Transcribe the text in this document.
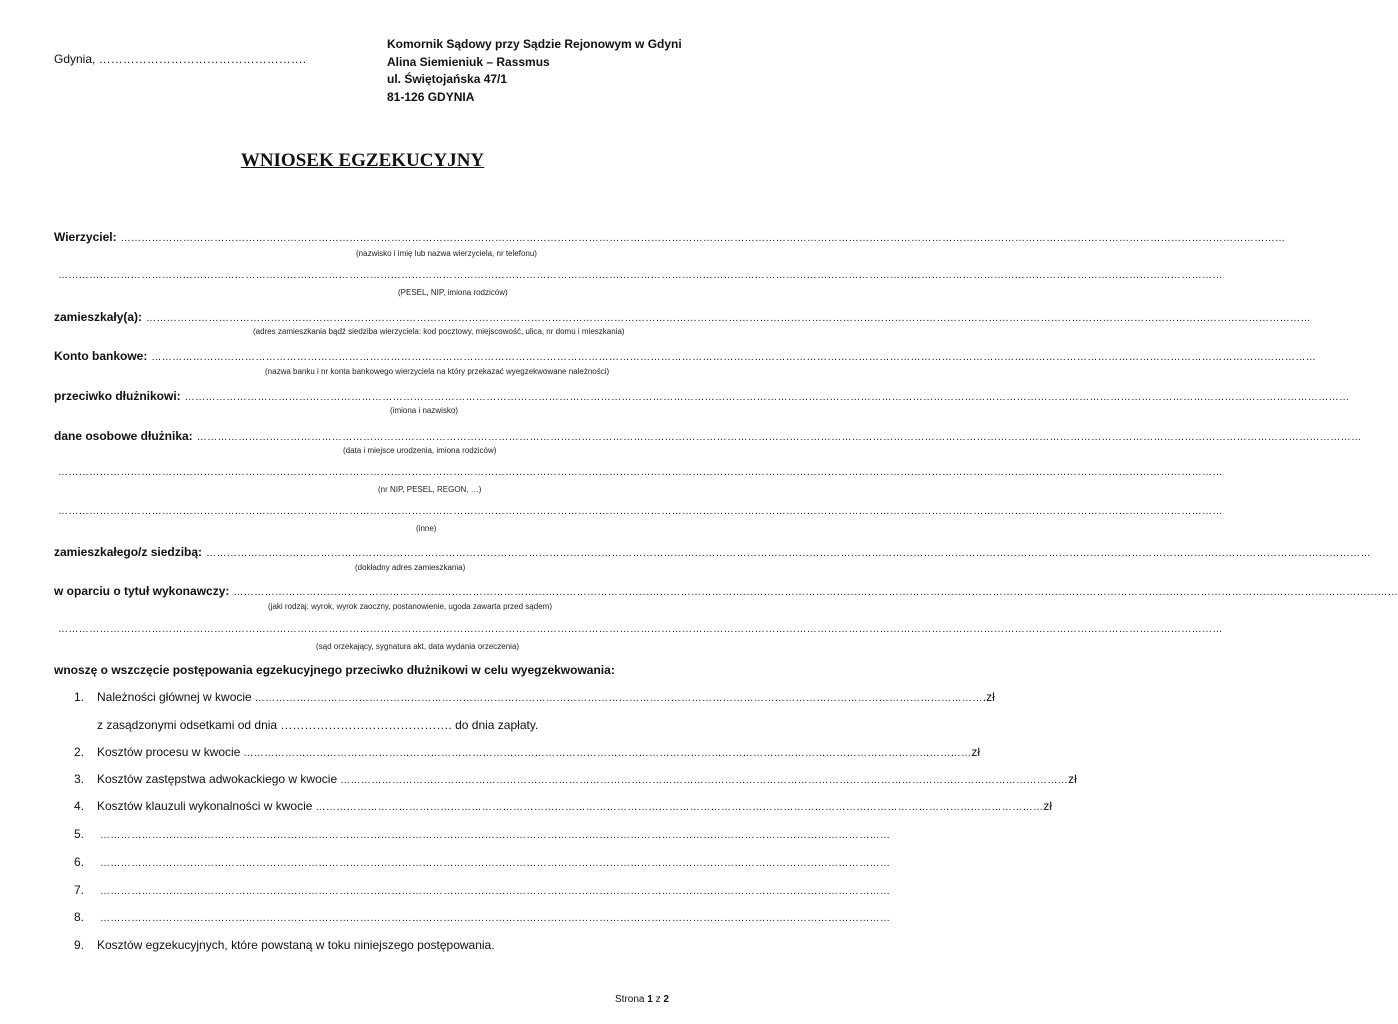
Gdynia, …………………………………………….
Komornik Sądowy przy Sądzie Rejonowym w Gdyni
Alina Siemieniuk – Rassmus
ul. Świętojańska 47/1
81-126 GDYNIA
WNIOSEK EGZEKUCYJNY
Wierzyciel: …………………………………………………………………………………………………………………………………………………………………………………………………………………………………………………………………………………………………………
(nazwisko i imię lub nazwa wierzyciela, nr telefonu)
…………………………………………………………………………………………………………………………………………………………………………………………………………………………………………………………………………………………………………
(PESEL, NIP, imiona rodziców)
zamieszkały(a): …………………………………………………………………………………………………………………………………………………………………………………………………………………………………………………………………………………………………………
(adres zamieszkania bądź siedziba wierzyciela: kod pocztowy, miejscowość, ulica, nr domu i mieszkania)
Konto bankowe: …………………………………………………………………………………………………………………………………………………………………………………………………………………………………………………………………………………………………………
(nazwa banku i nr konta bankowego wierzyciela na który przekazać wyegzekwowane należności)
przeciwko dłużnikowi: …………………………………………………………………………………………………………………………………………………………………………………………………………………………………………………………………………………………………………
(imiona i nazwisko)
dane osobowe dłużnika: …………………………………………………………………………………………………………………………………………………………………………………………………………………………………………………………………………………………………………
(data i miejsce urodzenia, imiona rodziców)
…………………………………………………………………………………………………………………………………………………………………………………………………………………………………………………………………………………………………………
(nr NIP, PESEL, REGON, …)
…………………………………………………………………………………………………………………………………………………………………………………………………………………………………………………………………………………………………………
(inne)
zamieszkałego/z siedzibą: …………………………………………………………………………………………………………………………………………………………………………………………………………………………………………………………………………………………………………
(dokładny adres zamieszkania)
w oparciu o tytuł wykonawczy: …………………………………………………………………………………………………………………………………………………………………………………………………………………………………………………………………………………………………………
(jaki rodzaj: wyrok, wyrok zaoczny, postanowienie, ugoda zawarta przed sądem)
…………………………………………………………………………………………………………………………………………………………………………………………………………………………………………………………………………………………………………
(sąd orzekający, sygnatura akt, data wydania orzeczenia)
wnoszę o wszczęcie postępowania egzekucyjnego przeciwko dłużnikowi w celu wyegzekwowania:
1.	Należności głównej w kwocie ………………………………………………………………………………………………………………………………………………………………………………………… .zł
z zasądzonymi odsetkami od dnia ……………………………………. do dnia zapłaty.
2.	Kosztów procesu w kwocie ………………………………………………………………………………………………………………………………………………………………………………………… zł
3.	Kosztów zastępstwa adwokackiego w kwocie ………………………………………………………………………………………………………………………………………………………………………………………… zł
4.	Kosztów klauzuli wykonalności w kwocie ………………………………………………………………………………………………………………………………………………………………………………………… zł
5.	…………………………………………………………………………………………………………………………………………………………………………………………………………
6.	…………………………………………………………………………………………………………………………………………………………………………………………………………
7.	…………………………………………………………………………………………………………………………………………………………………………………………………………
8.	…………………………………………………………………………………………………………………………………………………………………………………………………………
9.	Kosztów egzekucyjnych, które powstaną w toku niniejszego postępowania.
Strona 1 z 2
